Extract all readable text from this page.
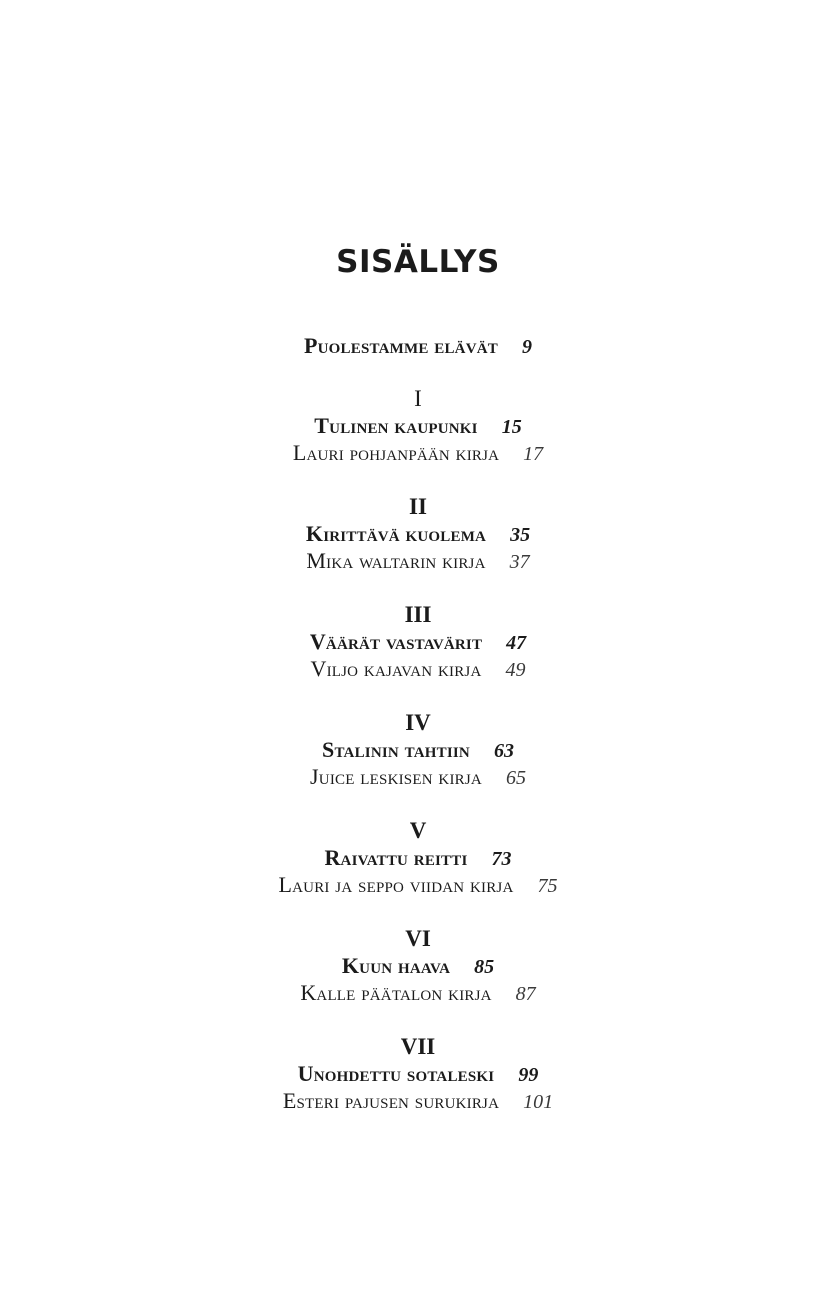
SISÄLLYS
Puolestamme elävät 9
I
Tulinen kaupunki 15
Lauri pohjanpään kirja 17
II
Kirittävä kuolema 35
Mika waltarin kirja 37
III
Väärät vastavärit 47
Viljo kajavan kirja 49
IV
Stalinin tahtiin 63
Juice leskisen kirja 65
V
Raivattu reitti 73
Lauri ja seppo viidan kirja 75
VI
Kuun haava 85
Kalle päätalon kirja 87
VII
Unohdettu sotaleski 99
Esteri pajusen surukirja 101
